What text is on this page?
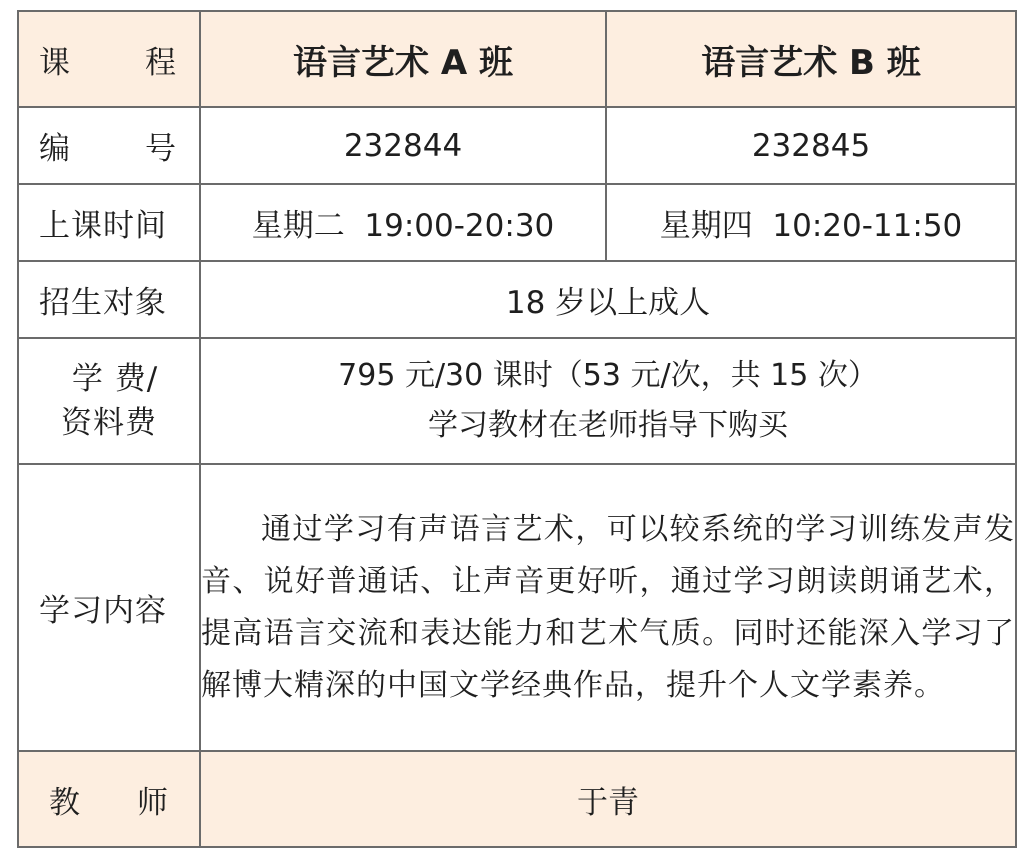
课 程	语言艺术 A 班	语言艺术 B 班

编 号	232844	232845

上课时间	星期二  19:00-20:30	星期四  10:20-11:50

招生对象	18 岁以上成人	

学 费/
资料费	795 元/30 课时（53 元/次，共 15 次）
学习教材在老师指导下购买	

学习内容	通过学习有声语言艺术，可以较系统的学习训练发声发音、说好普通话、让声音更好听，通过学习朗读朗诵艺术，提高语言交流和表达能力和艺术气质。同时还能深入学习了解博大精深的中国文学经典作品，提升个人文学素养。	

教 师	于青	
